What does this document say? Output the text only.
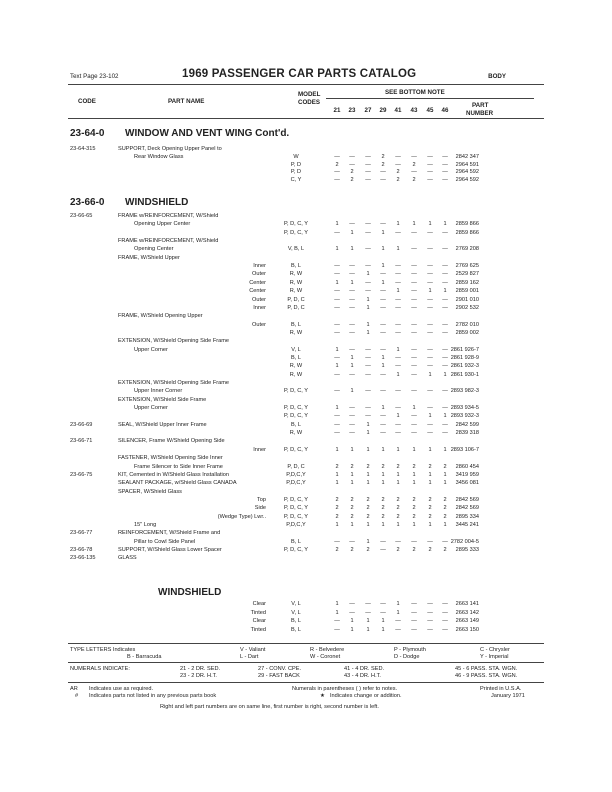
Text Page 23-102	1969 PASSENGER CAR PARTS CATALOG	BODY
CODE	PART NAME
MODEL
CODES
SEE BOTTOM NOTE
21	23	27	29	41	43	45	46
PART
NUMBER
23-64-0 WINDOW AND VENT WING Cont'd.
23-66-0 WINDSHIELD
WINDSHIELD
23-64-315	SUPPORT, Deck Opening Upper Panel to
Rear Window Glass	W	—	—	—	2	—	—	—	—	2842 347
P, D	2	—	—	2	—	2	—	—	2964 591
P, D	—	2	—	—	2	—	—	—	2964 592
C, Y	—	2	—	—	2	2	—	—	2964 592
23-66-65	FRAME w/REINFORCEMENT, W/Shield
Opening Upper Center	P, D, C, Y	1	—	—	—	1	1	1	1	2859 866
P, D, C, Y	—	1	—	1	—	—	—	—	2859 866
FRAME w/REINFORCEMENT, W/Shield
Opening Center	V, B, L	1	1	—	1	1	—	—	—	2769 208
FRAME, W/Shield Upper
Inner	B, L	—	—	—	1	—	—	—	—	2769 625
Outer	R, W	—	—	1	—	—	—	—	—	2529 827
Center	R, W	1	1	—	1	—	—	—	—	2859 162
Center	R, W	—	—	—	—	1	—	1	1	2859 001
Outer	P, D, C	—	—	1	—	—	—	—	—	2901 010
Inner	P, D, C	—	—	1	—	—	—	—	—	2902 532
FRAME, W/Shield Opening Upper
Outer	B, L	—	—	1	—	—	—	—	—	2782 010
R, W	—	—	1	—	—	—	—	—	2859 002
EXTENSION, W/Shield Opening Side Frame
Upper Corner	V, L	1	—	—	—	1	—	—	— 2861 926-7
B, L	—	1	—	1	—	—	—	— 2861 928-9
R, W	1	1	—	1	—	—	—	— 2861 932-3
R, W	—	—	—	—	1	—	1	1 2861 930-1
EXTENSION, W/Shield Opening Side Frame
Upper Inner Corner	P, D, C, Y	—	1	—	—	—	—	—	— 2893 982-3
EXTENSION, W/Shield Side Frame
Upper Corner	P, D, C, Y	1	—	—	1	—	1	—	— 2893 934-5
P, D, C, Y	—	—	—	—	1	—	1	1 2893 932-3
23-66-69	SEAL, W/Shield Upper Inner Frame	B, L	—	—	1	—	—	—	—	—	2842 599
R, W	—	—	1	—	—	—	—	—	2839 318
23-66-71	SILENCER, Frame W/Shield Opening Side
Inner	P, D, C, Y	1	1	1	1	1	1	1	1 2893 106-7
FASTENER, W/Shield Opening Side Inner
Frame Silencer to Side Inner Frame	P, D, C	2	2	2	2	2	2	2	2	2860 454
23-66-75	KIT, Cemented in W/Shield Glass Installation	P,D,C,Y	1	1	1	1	1	1	1	1	3419 959
SEALANT PACKAGE, w/Shield Glass CANADA	P,D,C,Y	1	1	1	1	1	1	1	1	3456 081
SPACER, W/Shield Glass
Top	P, D, C, Y	2	2	2	2	2	2	2	2	2842 569
Side	P, D, C, Y	2	2	2	2	2	2	2	2	2842 569
(Wedge Type) Lwr..	P, D, C, Y	2	2	2	2	2	2	2	2	2895 334
15" Long	P,D,C,Y	1	1	1	1	1	1	1	1	3445 241
23-66-77	REINFORCEMENT, W/Shield Frame and
Pillar to Cowl Side Panel	B, L	—	—	1	—	—	—	—	— 2782 004-5
23-66-78	SUPPORT, W/Shield Glass Lower Spacer	P, D, C, Y	2	2	2	—	2	2	2	2	2895 333
23-66-135	GLASS
Clear	V, L	1	—	—	—	1	—	—	—	2663 141
Tinted	V, L	1	—	—	—	1	—	—	—	2663 142
Clear	B, L	—	1	1	1	—	—	—	—	2663 149
Tinted	B, L	—	1	1	1	—	—	—	—	2663 150
TYPE LETTERS Indicates
B - Barracuda
V - Valiant
L - Dart
R - Belvedere
W - Coronet
P - Plymouth
D - Dodge
C - Chrysler
Y - Imperial
NUMERALS INDICATE:	21 - 2 DR. SED.
23 - 2 DR. H.T.
27 - CONV. CPE.
29 - FAST BACK
41 - 4 DR. SED.
43 - 4 DR. H.T.
45 - 6 PASS. STA. WGN.
46 - 9 PASS. STA. WGN.
AR Indicates use as required.
# Indicates parts not listed in any previous parts book
Numerals in parentheses ( ) refer to notes.
★ Indicates change or addition.
Printed in U.S.A.
January 1971
Right and left part numbers are on same line, first number is right, second number is left.
